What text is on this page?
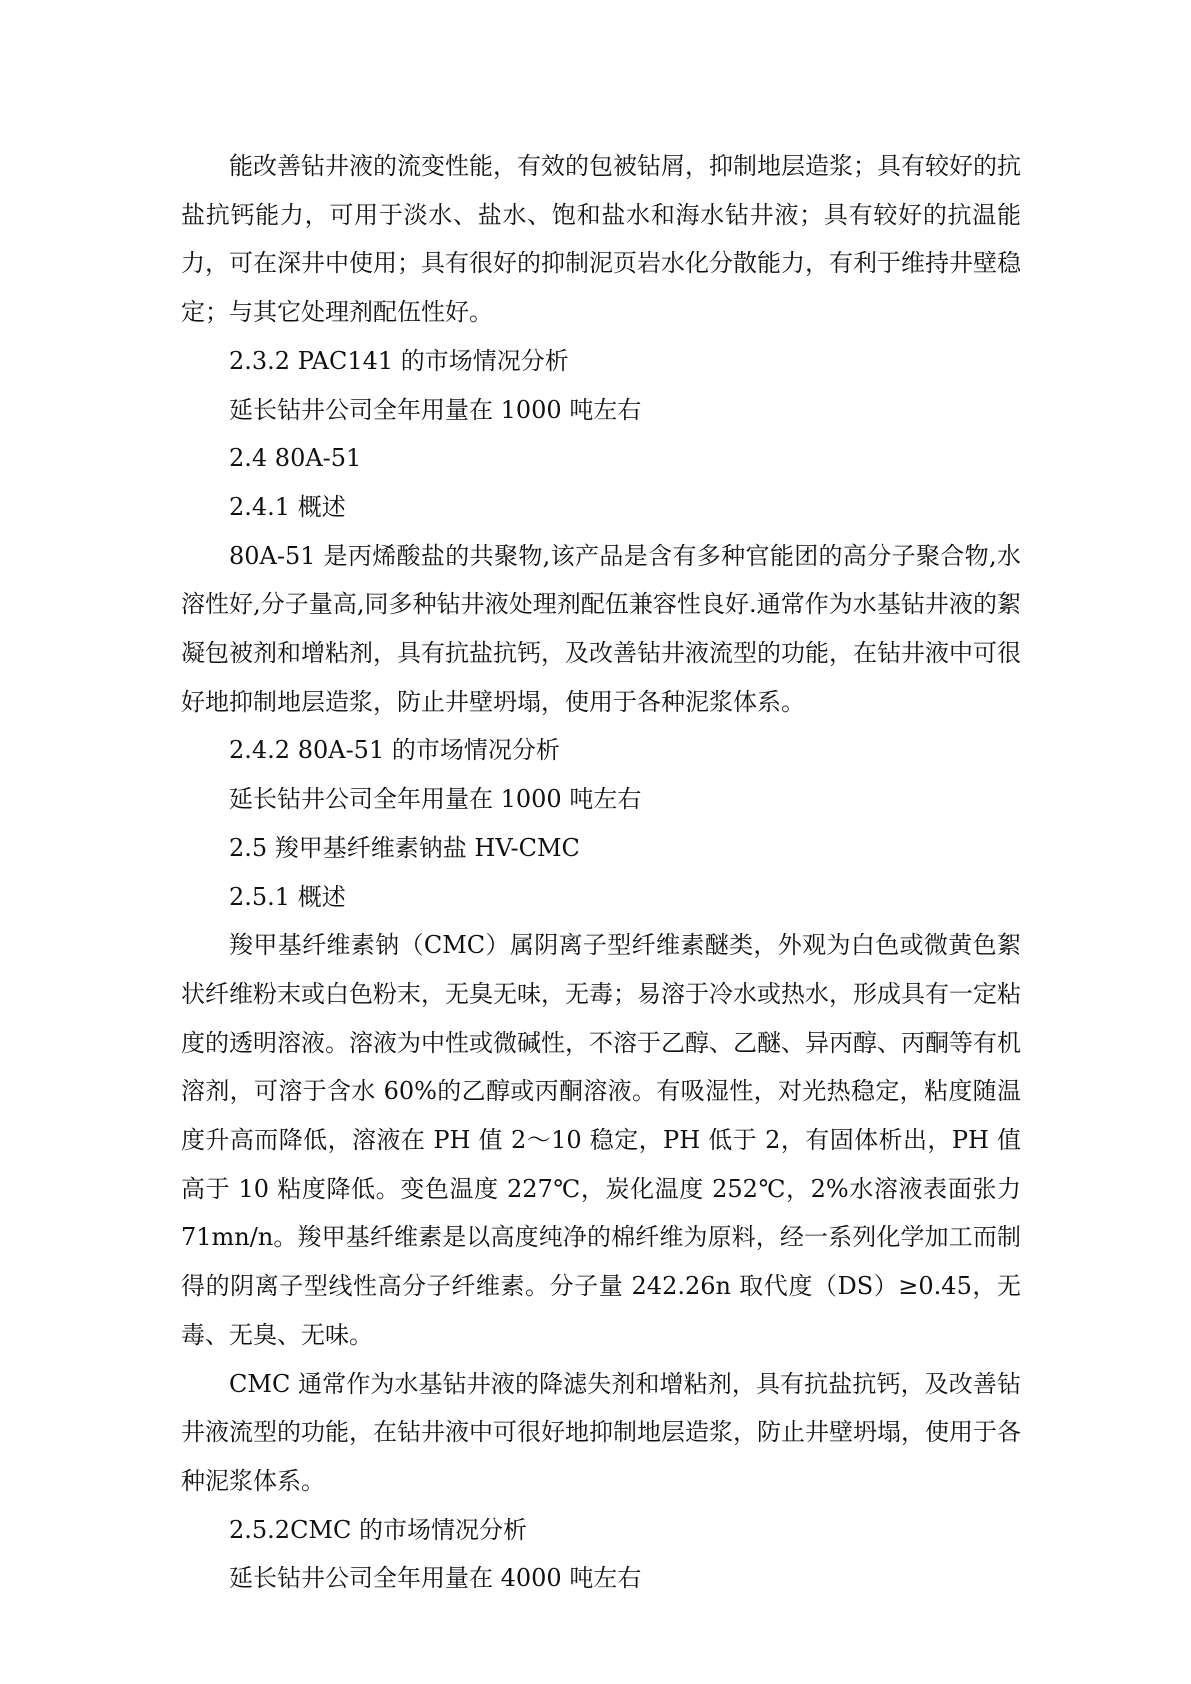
能改善钻井液的流变性能，有效的包被钻屑，抑制地层造浆；具有较好的抗盐抗钙能力，可用于淡水、盐水、饱和盐水和海水钻井液；具有较好的抗温能力，可在深井中使用；具有很好的抑制泥页岩水化分散能力，有利于维持井壁稳定；与其它处理剂配伍性好。

2.3.2 PAC141 的市场情况分析

延长钻井公司全年用量在 1000 吨左右

2.4 80A-51

2.4.1 概述

80A-51 是丙烯酸盐的共聚物,该产品是含有多种官能团的高分子聚合物,水溶性好,分子量高,同多种钻井液处理剂配伍兼容性良好.通常作为水基钻井液的絮凝包被剂和增粘剂，具有抗盐抗钙，及改善钻井液流型的功能，在钻井液中可很好地抑制地层造浆，防止井壁坍塌，使用于各种泥浆体系。

2.4.2 80A-51 的市场情况分析

延长钻井公司全年用量在 1000 吨左右

2.5 羧甲基纤维素钠盐 HV-CMC

2.5.1 概述

羧甲基纤维素钠（CMC）属阴离子型纤维素醚类，外观为白色或微黄色絮状纤维粉末或白色粉末，无臭无味，无毒；易溶于冷水或热水，形成具有一定粘度的透明溶液。溶液为中性或微碱性，不溶于乙醇、乙醚、异丙醇、丙酮等有机溶剂，可溶于含水 60%的乙醇或丙酮溶液。有吸湿性，对光热稳定，粘度随温度升高而降低，溶液在 PH 值 2～10 稳定，PH 低于 2，有固体析出，PH 值高于 10 粘度降低。变色温度 227℃，炭化温度 252℃，2%水溶液表面张力 71mn/n。羧甲基纤维素是以高度纯净的棉纤维为原料，经一系列化学加工而制得的阴离子型线性高分子纤维素。分子量 242.26n 取代度（DS）≥0.45，无毒、无臭、无味。

CMC 通常作为水基钻井液的降滤失剂和增粘剂，具有抗盐抗钙，及改善钻井液流型的功能，在钻井液中可很好地抑制地层造浆，防止井壁坍塌，使用于各种泥浆体系。

2.5.2CMC 的市场情况分析

延长钻井公司全年用量在 4000 吨左右
